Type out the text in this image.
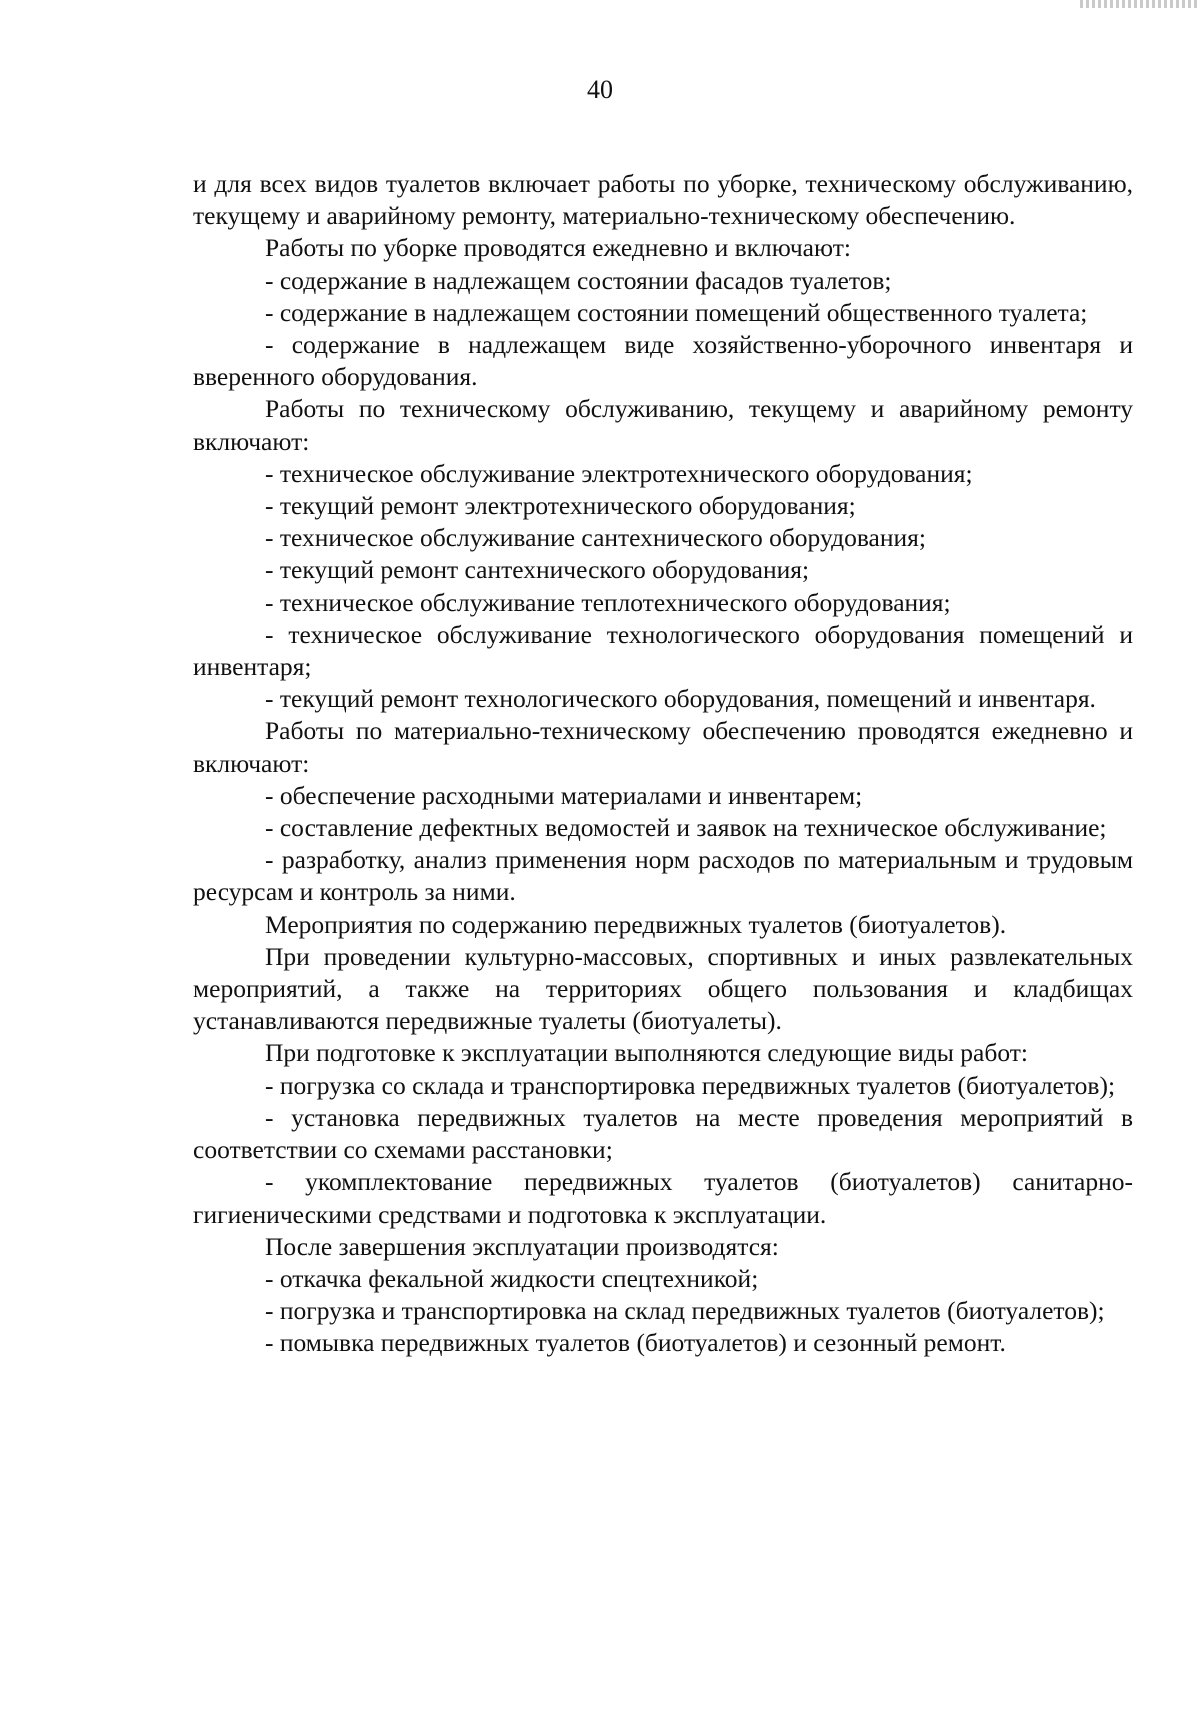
40

и для всех видов туалетов включает работы по уборке, техническому обслуживанию, текущему и аварийному ремонту, материально-техническому обеспечению.

Работы по уборке проводятся ежедневно и включают:

- содержание в надлежащем состоянии фасадов туалетов;

- содержание в надлежащем состоянии помещений общественного туалета;

- содержание в надлежащем виде хозяйственно-уборочного инвентаря и вверенного оборудования.

Работы по техническому обслуживанию, текущему и аварийному ремонту включают:

- техническое обслуживание электротехнического оборудования;

- текущий ремонт электротехнического оборудования;

- техническое обслуживание сантехнического оборудования;

- текущий ремонт сантехнического оборудования;

- техническое обслуживание теплотехнического оборудования;

- техническое обслуживание технологического оборудования помещений и инвентаря;

- текущий ремонт технологического оборудования, помещений и инвентаря.

Работы по материально-техническому обеспечению проводятся ежедневно и включают:

- обеспечение расходными материалами и инвентарем;

- составление дефектных ведомостей и заявок на техническое обслуживание;

- разработку, анализ применения норм расходов по материальным и трудовым ресурсам и контроль за ними.

Мероприятия по содержанию передвижных туалетов (биотуалетов).

При проведении культурно-массовых, спортивных и иных развлекательных мероприятий, а также на территориях общего пользования и кладбищах устанавливаются передвижные туалеты (биотуалеты).

При подготовке к эксплуатации выполняются следующие виды работ:

- погрузка со склада и транспортировка передвижных туалетов (биотуалетов);

- установка передвижных туалетов на месте проведения мероприятий в соответствии со схемами расстановки;

- укомплектование передвижных туалетов (биотуалетов) санитарно-гигиеническими средствами и подготовка к эксплуатации.

После завершения эксплуатации производятся:

- откачка фекальной жидкости спецтехникой;

- погрузка и транспортировка на склад передвижных туалетов (биотуалетов);

- помывка передвижных туалетов (биотуалетов) и сезонный ремонт.
